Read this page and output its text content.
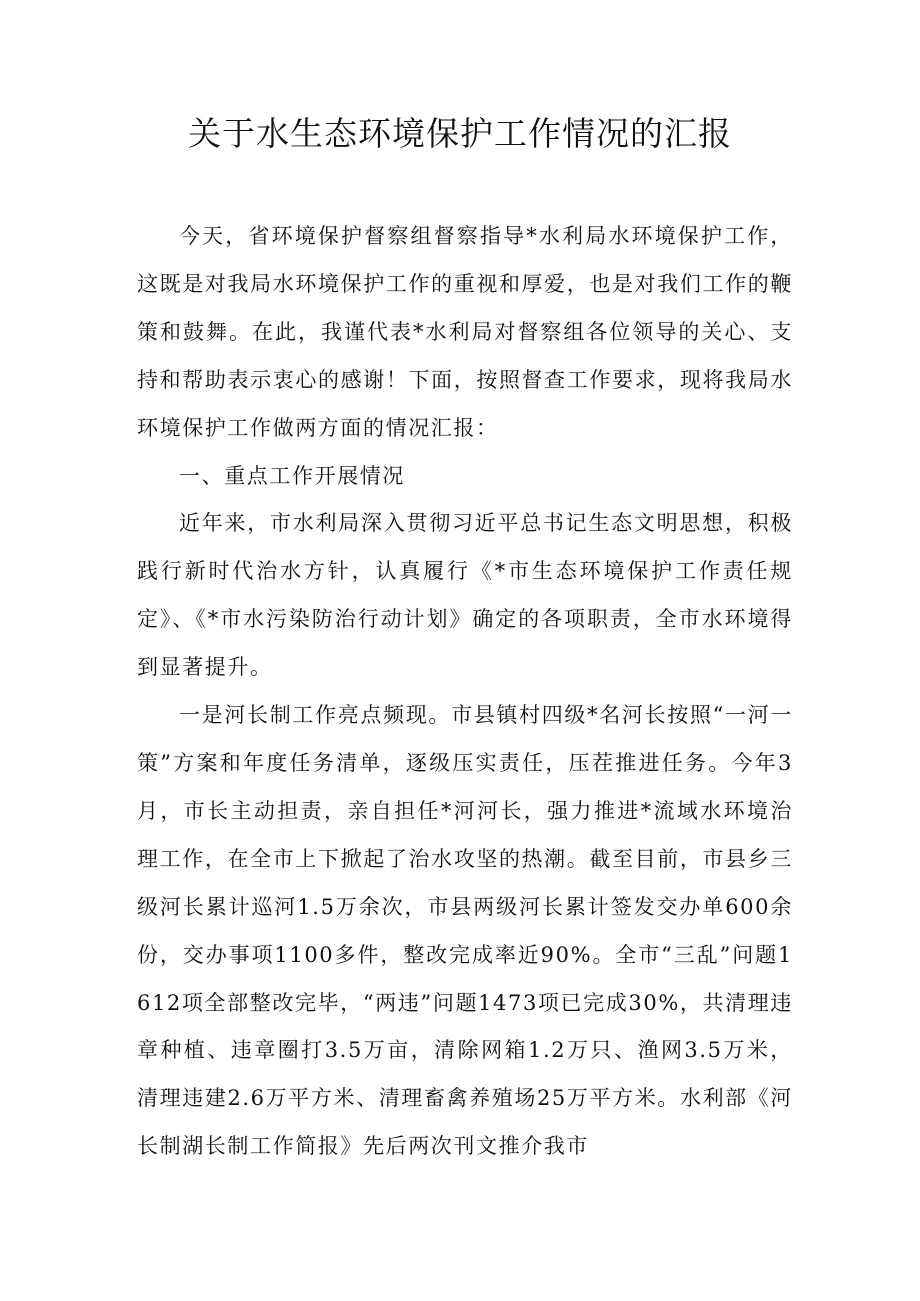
关于水生态环境保护工作情况的汇报

今天，省环境保护督察组督察指导*水利局水环境保护工作，这既是对我局水环境保护工作的重视和厚爱，也是对我们工作的鞭策和鼓舞。在此，我谨代表*水利局对督察组各位领导的关心、支持和帮助表示衷心的感谢！下面，按照督查工作要求，现将我局水环境保护工作做两方面的情况汇报：

一、重点工作开展情况

近年来，市水利局深入贯彻习近平总书记生态文明思想，积极践行新时代治水方针，认真履行《*市生态环境保护工作责任规定》、《*市水污染防治行动计划》确定的各项职责，全市水环境得到显著提升。

一是河长制工作亮点频现。市县镇村四级*名河长按照“一河一策”方案和年度任务清单，逐级压实责任，压茬推进任务。今年3月，市长主动担责，亲自担任*河河长，强力推进*流域水环境治理工作，在全市上下掀起了治水攻坚的热潮。截至目前，市县乡三级河长累计巡河1.5万余次，市县两级河长累计签发交办单600余份，交办事项1100多件，整改完成率近90%。全市“三乱”问题1612项全部整改完毕，“两违”问题1473项已完成30%，共清理违章种植、违章圈打3.5万亩，清除网箱1.2万只、渔网3.5万米，清理违建2.6万平方米、清理畜禽养殖场25万平方米。水利部《河长制湖长制工作简报》先后两次刊文推介我市
